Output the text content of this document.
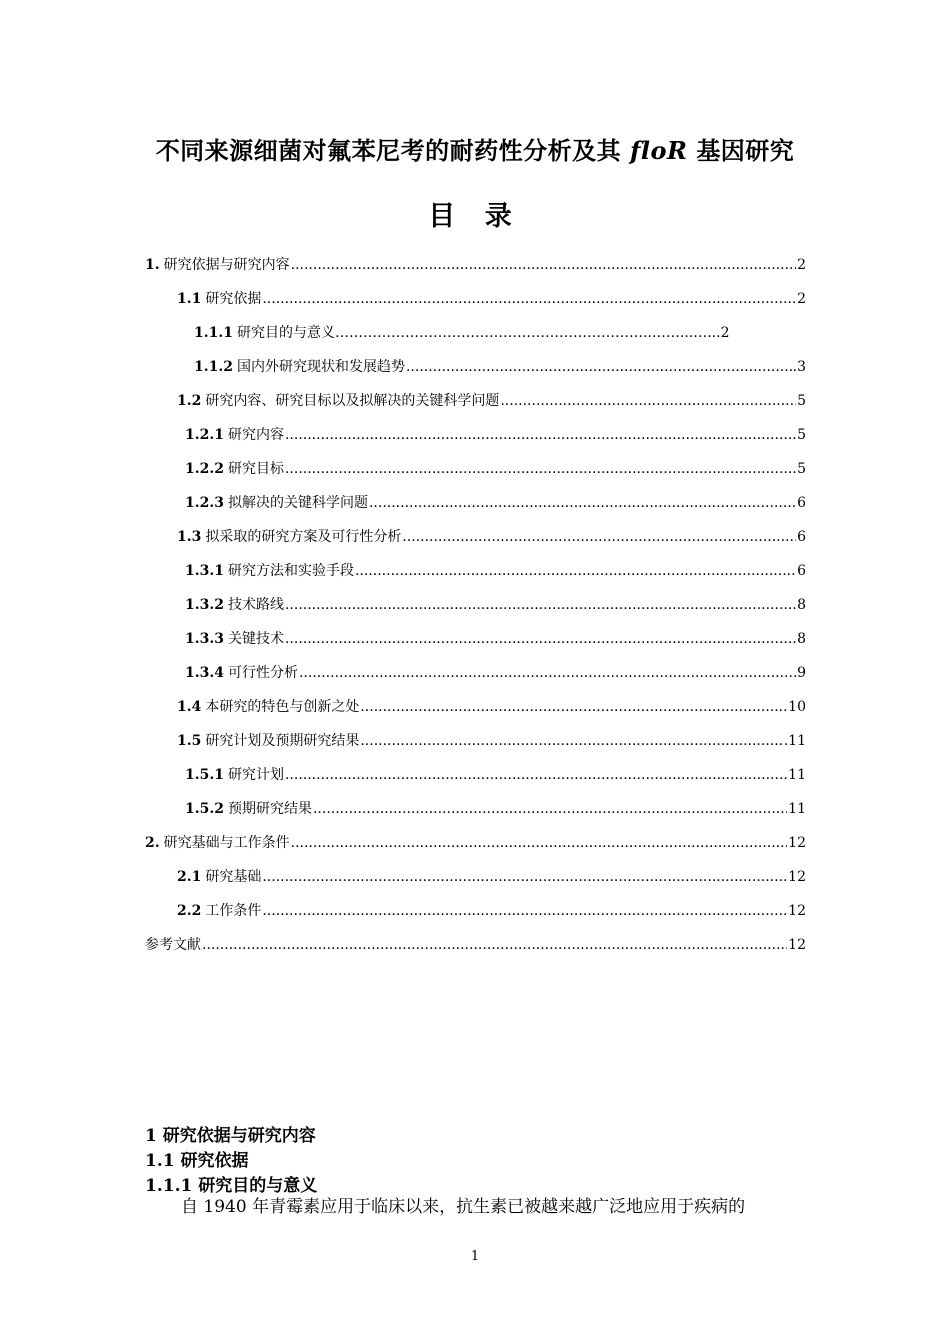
不同来源细菌对氟苯尼考的耐药性分析及其 floR 基因研究
目 录
1. 研究依据与研究内容 .....	2
1.1 研究依据 .....	2
1.1.1 研究目的与意义……………………… …………………………………..……...…...2
1.1.2 国内外研究现状和发展趋势 .....	.3
1.2 研究内容、研究目标以及拟解决的关键科学问题 .....	5
1.2.1 研究内容 .....	5
1.2.2 研究目标 .....	5
1.2.3 拟解决的关键科学问题 .....	6
1.3 拟采取的研究方案及可行性分析 .....	6
1.3.1 研究方法和实验手段 .....	6
1.3.2 技术路线 .....	8
1.3.3 关键技术 .....	8
1.3.4 可行性分析 .....	9
1.4 本研究的特色与创新之处 .....	10
1.5 研究计划及预期研究结果 .....	.11
1.5.1 研究计划 .....	11
1.5.2 预期研究结果 .....	11
2. 研究基础与工作条件 .....	12
2.1 研究基础 .....	12
2.2 工作条件 .....	12
参考文献 .....	12
1 研究依据与研究内容
1.1 研究依据
1.1.1 研究目的与意义
自 1940 年青霉素应用于临床以来，抗生素已被越来越广泛地应用于疾病的
1
